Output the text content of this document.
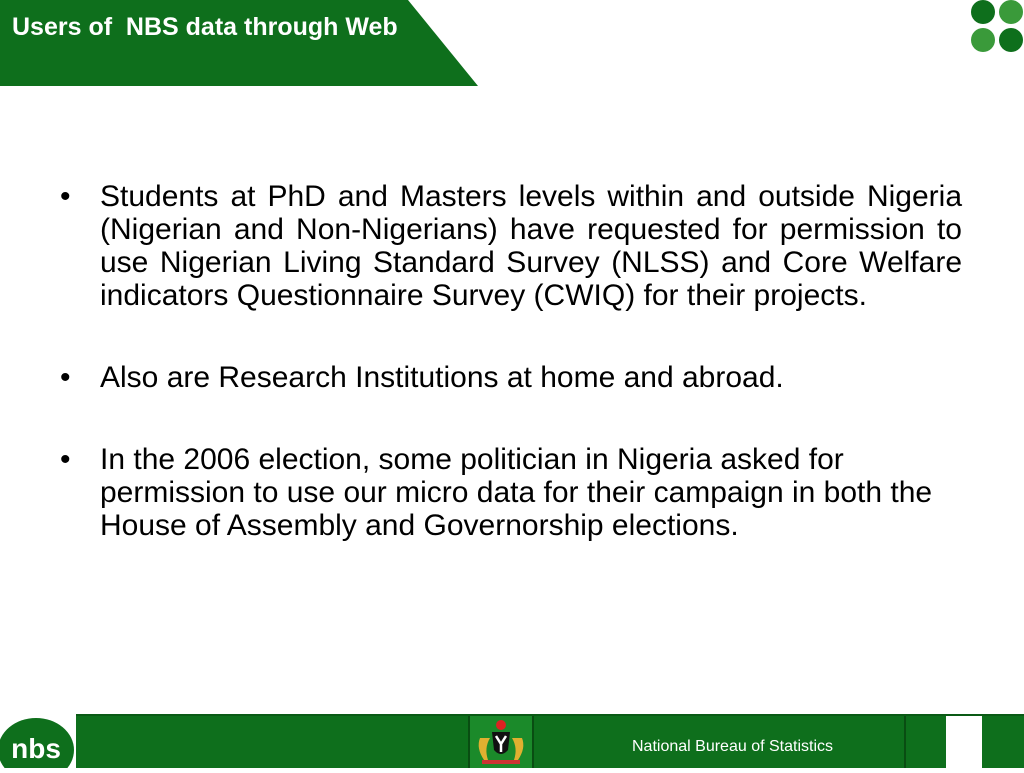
Users of  NBS data through Web
• Students at PhD and Masters levels within and outside Nigeria (Nigerian and Non-Nigerians) have requested for permission to use Nigerian Living Standard Survey (NLSS) and Core Welfare indicators Questionnaire Survey (CWIQ) for their projects.
• Also are Research Institutions at home and abroad.
• In the 2006 election, some politician in Nigeria asked for permission to use our micro data for their campaign in both the House of Assembly and Governorship elections.
nbs	National Bureau of Statistics
